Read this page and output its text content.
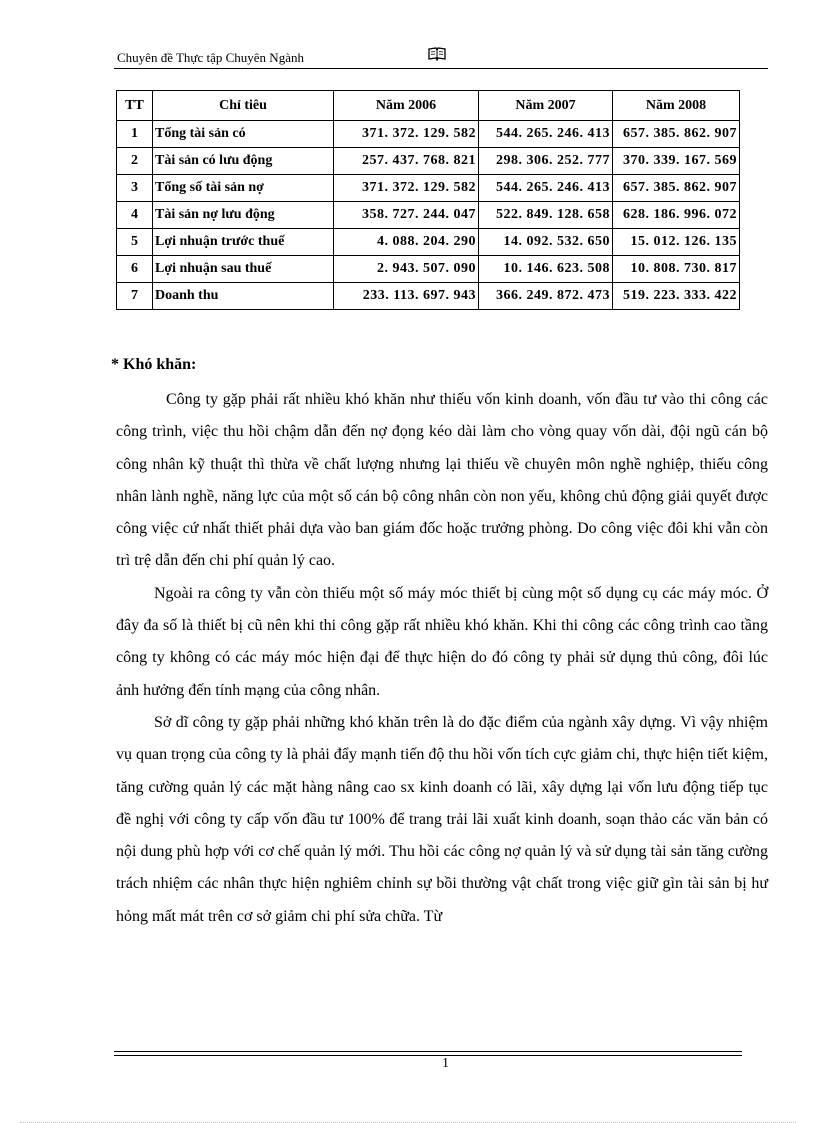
Chuyên đề Thực tập Chuyên Ngành
TT	Chỉ tiêu	Năm 2006	Năm 2007	Năm 2008
1	Tổng tài sản có	371. 372. 129. 582	544. 265. 246. 413	657. 385. 862. 907
2	Tài sản có lưu động	257. 437. 768. 821	298. 306. 252. 777	370. 339. 167. 569
3	Tổng số tài sản nợ	371. 372. 129. 582	544. 265. 246. 413	657. 385. 862. 907
4	Tài sản nợ lưu động	358. 727. 244. 047	522. 849. 128. 658	628. 186. 996. 072
5	Lợi nhuận trước thuế	4. 088. 204. 290	14. 092. 532. 650	15. 012. 126. 135
6	Lợi nhuận sau thuế	2. 943. 507. 090	10. 146. 623. 508	10. 808. 730. 817
7	Doanh thu	233. 113. 697. 943	366. 249. 872. 473	519. 223. 333. 422
* Khó khăn:

Công ty gặp phải rất nhiều khó khăn như thiếu vốn kinh doanh, vốn đầu tư vào thi công các công trình, việc thu hồi chậm dẫn đến nợ đọng kéo dài làm cho vòng quay vốn dài, đội ngũ cán bộ công nhân kỹ thuật thì thừa về chất lượng nhưng lại thiếu về chuyên môn nghề nghiệp, thiếu công nhân lành nghề, năng lực của một số cán bộ công nhân còn non yếu, không chủ động giải quyết được công việc cứ nhất thiết phải dựa vào ban giám đốc hoặc trưởng phòng. Do công việc đôi khi vẫn còn trì trệ dẫn đến chi phí quản lý cao.

Ngoài ra công ty vẫn còn thiếu một số máy móc thiết bị cùng một số dụng cụ các máy móc. Ở đây đa số là thiết bị cũ nên khi thi công gặp rất nhiều khó khăn. Khi thi công các công trình cao tầng công ty không có các máy móc hiện đại để thực hiện do đó công ty phải sử dụng thủ công, đôi lúc ảnh hưởng đến tính mạng của công nhân.

Sở dĩ công ty gặp phải những khó khăn trên là do đặc điểm của ngành xây dựng. Vì vậy nhiệm vụ quan trọng của công ty là phải đẩy mạnh tiến độ thu hồi vốn tích cực giảm chi, thực hiện tiết kiệm, tăng cường quản lý các mặt hàng nâng cao sx kinh doanh có lãi, xây dựng lại vốn lưu động tiếp tục đề nghị với công ty cấp vốn đầu tư 100% để trang trải lãi xuất kinh doanh, soạn thảo các văn bản có nội dung phù hợp với cơ chế quản lý mới. Thu hồi các công nợ quản lý và sử dụng tài sản tăng cường trách nhiệm các nhân thực hiện nghiêm chỉnh sự bồi thường vật chất trong việc giữ gìn tài sản bị hư hỏng mất mát trên cơ sở giảm chi phí sửa chữa. Từ

1
